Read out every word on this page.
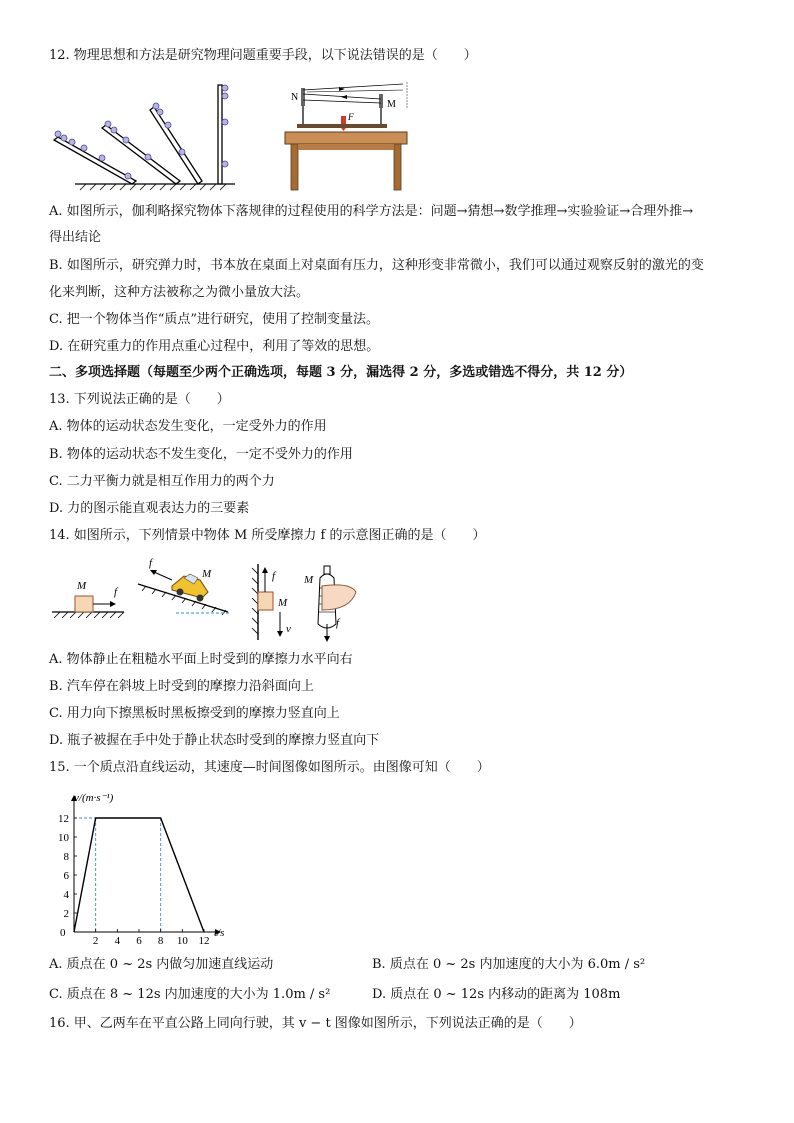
12. 物理思想和方法是研究物理问题重要手段，以下说法错误的是（　　）
N
M
F
A. 如图所示，伽利略探究物体下落规律的过程使用的科学方法是：问题→猜想→数学推理→实验验证→合理外推→
得出结论
B. 如图所示，研究弹力时，书本放在桌面上对桌面有压力，这种形变非常微小，我们可以通过观察反射的激光的变
化来判断，这种方法被称之为微小量放大法。
C. 把一个物体当作“质点”进行研究，使用了控制变量法。
D. 在研究重力的作用点重心过程中，利用了等效的思想。
二、多项选择题（每题至少两个正确选项，每题 3 分，漏选得 2 分，多选或错选不得分，共 12 分）
13. 下列说法正确的是（　　）
A. 物体的运动状态发生变化，一定受外力的作用
B. 物体的运动状态不发生变化，一定不受外力的作用
C. 二力平衡力就是相互作用力的两个力
D. 力的图示能直观表达力的三要素
14. 如图所示，下列情景中物体 M 所受摩擦力 f 的示意图正确的是（　　）
M	f
f
M	f
M
v
M
f
A. 物体静止在粗糙水平面上时受到的摩擦力水平向右
B. 汽车停在斜坡上时受到的摩擦力沿斜面向上
C. 用力向下擦黑板时黑板擦受到的摩擦力竖直向上
D. 瓶子被握在手中处于静止状态时受到的摩擦力竖直向下
15. 一个质点沿直线运动，其速度—时间图像如图所示。由图像可知（　　）
2 4 6 8 10 12
2
4
6
8
10
12
v/(m·s⁻¹)
t/s
0
A. 质点在 0 ~ 2s 内做匀加速直线运动	B. 质点在 0 ~ 2s 内加速度的大小为 6.0m / s²
C. 质点在 8 ~ 12s 内加速度的大小为 1.0m / s²	D. 质点在 0 ~ 12s 内移动的距离为 108m
16. 甲、乙两车在平直公路上同向行驶，其 v − t 图像如图所示，下列说法正确的是（　　）
